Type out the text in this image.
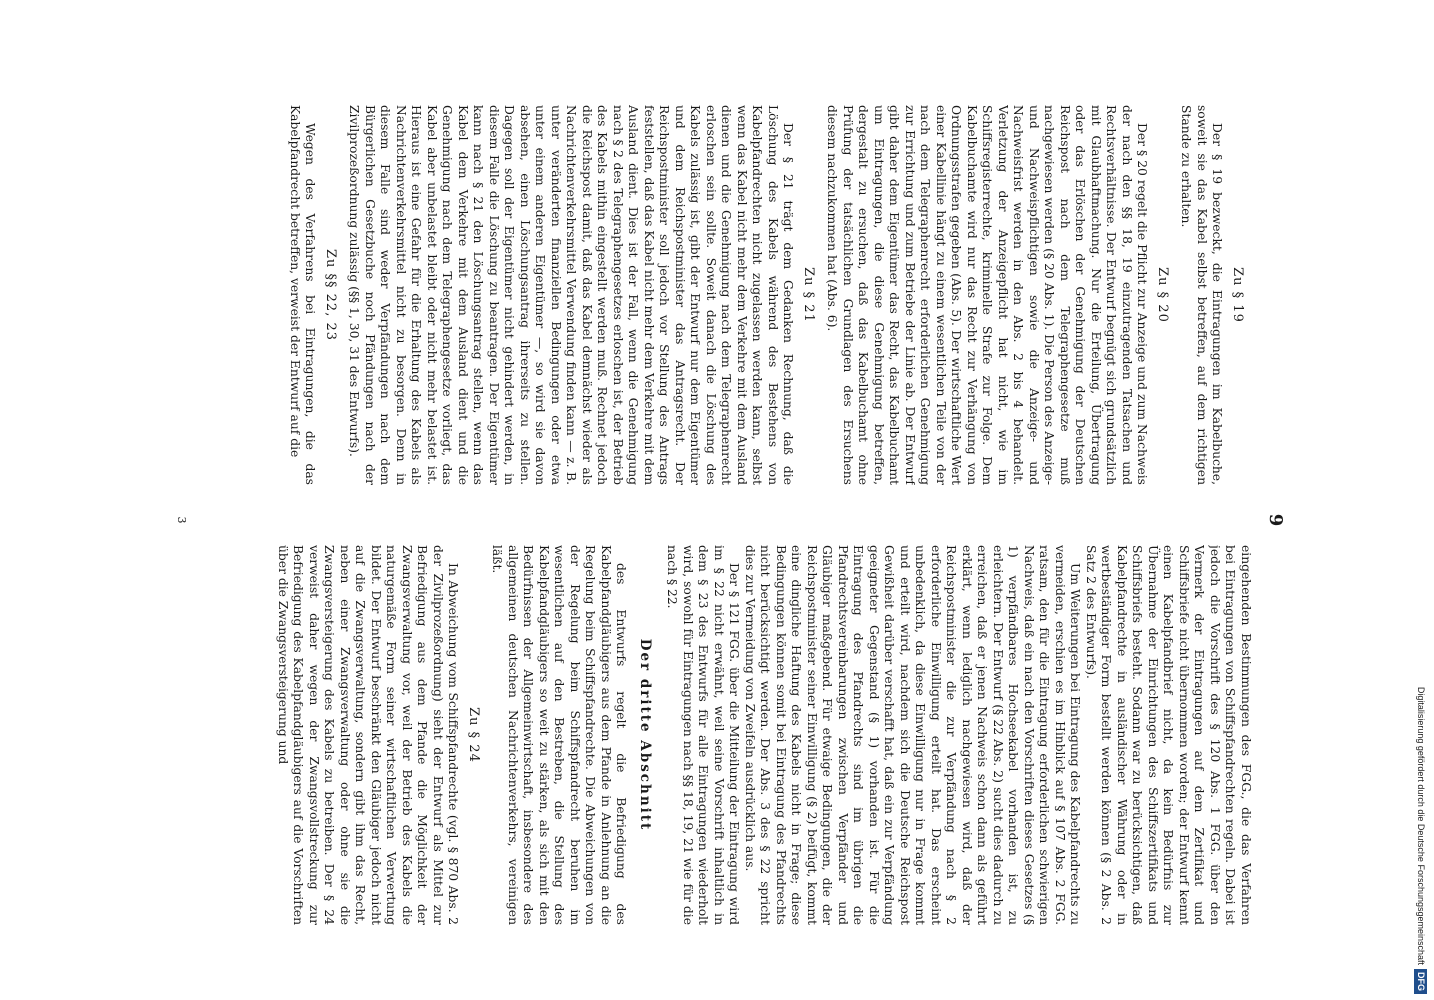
9
Zu § 19

Der § 19 bezweckt, die Eintragungen im Kabelbuche, soweit sie das Kabel selbst betreffen, auf dem richtigen Stande zu erhalten.

Zu § 20

Der § 20 regelt die Pflicht zur Anzeige und zum Nachweis der nach den §§ 18, 19 einzutragenden Tatsachen und Rechtsverhältnisse. Der Entwurf begnügt sich grundsätzlich mit Glaubhaftmachung. Nur die Erteilung, Übertragung oder das Erlöschen der Genehmigung der Deutschen Reichspost nach dem Telegraphengesetze muß nachgewiesen werden (§ 20 Abs. 1). Die Person des Anzeige- und Nachweispflichtigen sowie die Anzeige- und Nachweisfrist werden in den Abs. 2 bis 4 behandelt. Verletzung der Anzeigepflicht hat nicht, wie im Schiffsregisterrechte, kriminelle Strafe zur Folge. Dem Kabelbuchamte wird nur das Recht zur Verhängung von Ordnungsstrafen gegeben (Abs. 5). Der wirtschaftliche Wert einer Kabellinie hängt zu einem wesentlichen Teile von der nach dem Telegraphenrecht erforderlichen Genehmigung zur Errichtung und zum Betriebe der Linie ab. Der Entwurf gibt daher dem Eigentümer das Recht, das Kabelbuchamt um Eintragungen, die diese Genehmigung betreffen, dergestalt zu ersuchen, daß das Kabelbuchamt ohne Prüfung der tatsächlichen Grundlagen des Ersuchens diesem nachzukommen hat (Abs. 6).

Zu § 21

Der § 21 trägt dem Gedanken Rechnung, daß die Löschung des Kabels während des Bestehens von Kabelpfandrechten nicht zugelassen werden kann, selbst wenn das Kabel nicht mehr dem Verkehre mit dem Ausland dienen und die Genehmigung nach dem Telegraphenrecht erloschen sein sollte. Soweit danach die Löschung des Kabels zulässig ist, gibt der Entwurf nur dem Eigentümer und dem Reichspostminister das Antragsrecht. Der Reichspostminister soll jedoch vor Stellung des Antrags feststellen, daß das Kabel nicht mehr dem Verkehre mit dem Ausland dient. Dies ist der Fall, wenn die Genehmigung nach § 2 des Telegraphengesetzes erloschen ist, der Betrieb des Kabels mithin eingestellt werden muß. Rechnet jedoch die Reichspost damit, daß das Kabel demnächst wieder als Nachrichtenverkehrsmittel Verwendung finden kann — z. B. unter veränderten finanziellen Bedingungen oder etwa unter einem anderen Eigentümer —, so wird sie davon absehen, einen Löschungsantrag ihrerseits zu stellen. Dagegen soll der Eigentümer nicht gehindert werden, in diesem Falle die Löschung zu beantragen. Der Eigentümer kann nach § 21 den Löschungsantrag stellen, wenn das Kabel dem Verkehre mit dem Ausland dient und die Genehmigung nach dem Telegraphengesetze vorliegt, das Kabel aber unbelastet bleibt oder nicht mehr belastet ist. Hieraus ist eine Gefahr für die Erhaltung des Kabels als Nachrichtenverkehrsmittel nicht zu besorgen. Denn in diesem Falle sind weder Verpfändungen nach dem Bürgerlichen Gesetzbuche noch Pfändungen nach der Zivilprozeßordnung zulässig (§§ 1, 30, 31 des Entwurfs).

Zu §§ 22, 23

Wegen des Verfahrens bei Eintragungen, die das Kabelpfandrecht betreffen, verweist der Entwurf auf die

eingehenden Bestimmungen des FGG., die das Verfahren bei Eintragungen von Schiffspfandrechten regeln. Dabei ist jedoch die Vorschrift des § 120 Abs. 1 FGG. über den Vermerk der Eintragungen auf dem Zertifikat und Schiffsbriefe nicht übernommen worden; der Entwurf kennt einen Kabelpfandbrief nicht, da kein Bedürfnis zur Übernahme der Einrichtungen des Schiffszertifikats und Schiffsbriefs besteht. Sodann war zu berücksichtigen, daß Kabelpfandrechte in ausländischer Währung oder in wertbeständiger Form bestellt werden können (§ 2 Abs. 2 Satz 2 des Entwurfs).

Um Weiterungen bei Eintragung des Kabelpfandrechts zu vermeiden, erschien es im Hinblick auf § 107 Abs. 2 FGG. ratsam, den für die Eintragung erforderlichen schwierigen Nachweis, daß ein nach den Vorschriften dieses Gesetzes (§ 1) verpfändbares Hochseekabel vorhanden ist, zu erleichtern. Der Entwurf (§ 22 Abs. 2) sucht dies dadurch zu erreichen, daß er jenen Nachweis schon dann als geführt erklärt, wenn lediglich nachgewiesen wird, daß der Reichspostminister die zur Verpfändung nach § 2 erforderliche Einwilligung erteilt hat. Das erscheint unbedenklich, da diese Einwilligung nur in Frage kommt und erteilt wird, nachdem sich die Deutsche Reichspost Gewißheit darüber verschafft hat, daß ein zur Verpfändung geeigneter Gegenstand (§ 1) vorhanden ist. Für die Eintragung des Pfandrechts sind im übrigen die Pfandrechtsvereinbarungen zwischen Verpfänder und Gläubiger maßgebend. Für etwaige Bedingungen, die der Reichspostminister seiner Einwilligung (§ 2) beifügt, kommt eine dingliche Haftung des Kabels nicht in Frage; diese Bedingungen können somit bei Eintragung des Pfandrechts nicht berücksichtigt werden. Der Abs. 3 des § 22 spricht dies zur Vermeidung von Zweifeln ausdrücklich aus.

Der § 121 FGG. über die Mitteilung der Eintragung wird im § 22 nicht erwähnt, weil seine Vorschrift inhaltlich in dem § 23 des Entwurfs für alle Eintragungen wiederholt wird, sowohl für Eintragungen nach §§ 18, 19, 21 wie für die nach § 22.

Der dritte Abschnitt

des Entwurfs regelt die Befriedigung des Kabelpfandgläubigers aus dem Pfande in Anlehnung an die Regelung beim Schiffspfandrechte. Die Abweichungen von der Regelung beim Schiffspfandrecht beruhen im wesentlichen auf den Bestreben, die Stellung des Kabelpfandgläubigers so weit zu stärken, als sich mit den Bedürfnissen der Allgemeinwirtschaft, insbesondere des allgemeinen deutschen Nachrichtenverkehrs, vereinigen läßt.

Zu § 24

In Abweichung vom Schiffspfandrechte (vgl. § 870 Abs. 2 der Zivilprozeßordnung) sieht der Entwurf als Mittel zur Befriedigung aus dem Pfande die Möglichkeit der Zwangsverwaltung vor, weil der Betrieb des Kabels die naturgemäße Form seiner wirtschaftlichen Verwertung bildet. Der Entwurf beschränkt den Gläubiger jedoch nicht auf die Zwangsverwaltung, sondern gibt ihm das Recht, neben einer Zwangsverwaltung oder ohne sie die Zwangsversteigerung des Kabels zu betreiben. Der § 24 verweist daher wegen der Zwangsvollstreckung zur Befriedigung des Kabelpfandgläubigers auf die Vorschriften über die Zwangsversteigerung und

3
Digitalisierung gefördert durch die Deutsche Forschungsgemeinschaft
DFG
